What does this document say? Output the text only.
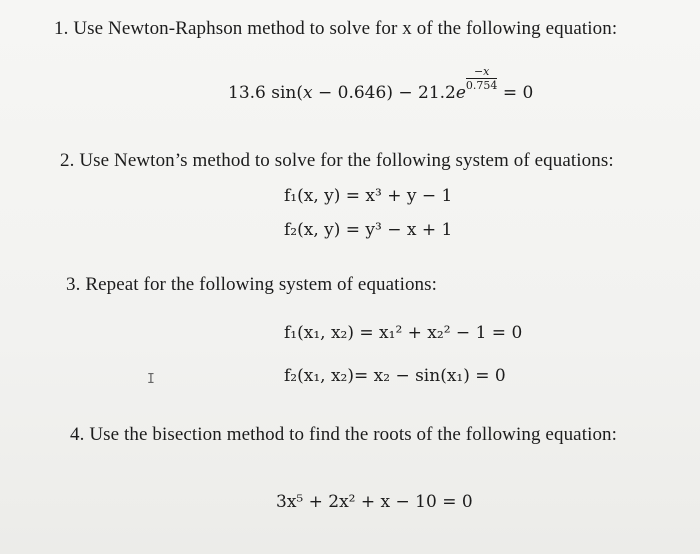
1. Use Newton-Raphson method to solve for x of the following equation:
13.6 sin(x − 0.646) − 21.2e
$\frac{-x}{0.754}$
= 0
2. Use Newton’s method to solve for the following system of equations:
f₁(x, y) = x³ + y − 1
f₂(x, y) = y³ − x + 1
3. Repeat for the following system of equations:
f₁(x₁, x₂) = x₁² + x₂² − 1 = 0
f₂(x₁, x₂)= x₂ − sin(x₁) = 0
I
4. Use the bisection method to find the roots of the following equation:
3x⁵ + 2x² + x − 10 = 0
